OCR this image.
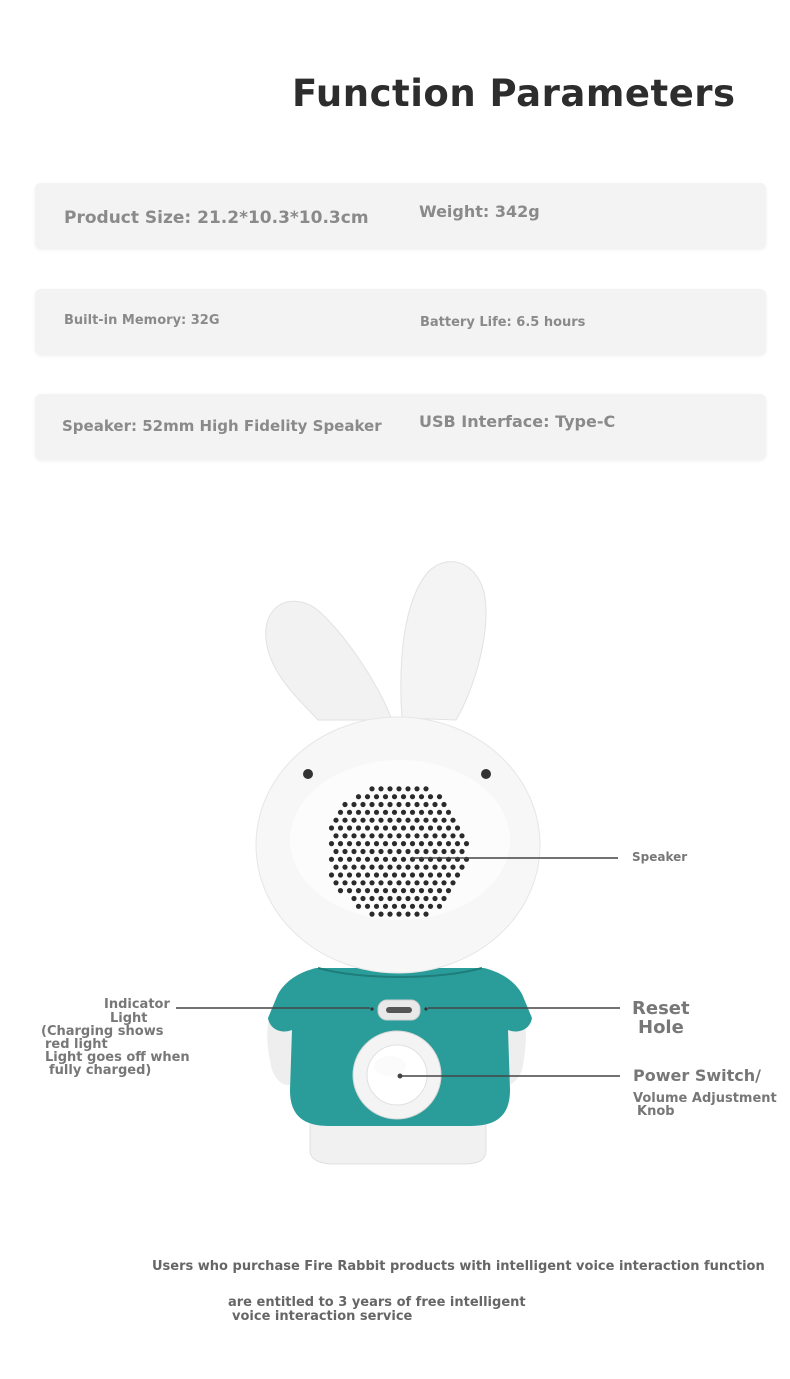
Function Parameters
Product Size: 21.2*10.3*10.3cm	Weight: 342g
Built-in Memory: 32G	Battery Life: 6.5 hours
Speaker: 52mm High Fidelity Speaker USB Interface: Type-C
Speaker
Indicator
Light
(Charging shows
red light
Light goes off when
fully charged)
Reset
Hole
Power Switch/
Volume Adjustment
Knob
Users who purchase Fire Rabbit products with intelligent voice interaction function
are entitled to 3 years of free intelligent
voice interaction service
